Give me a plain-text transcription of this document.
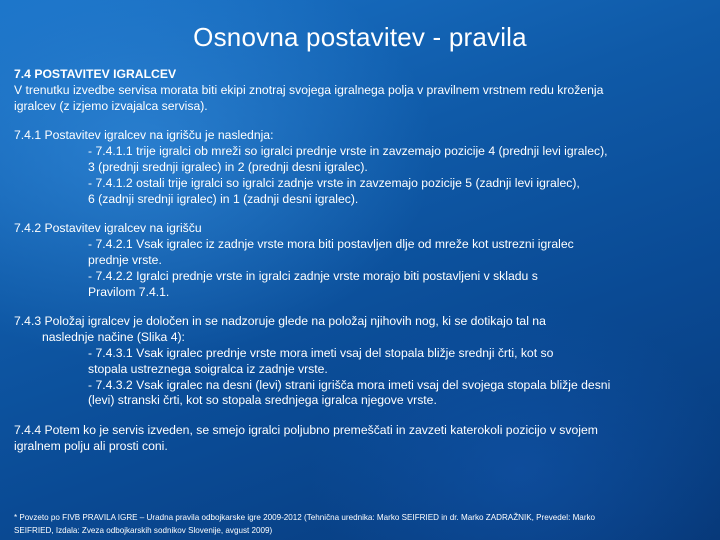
Osnovna postavitev - pravila
7.4 POSTAVITEV IGRALCEV
V trenutku izvedbe servisa morata biti ekipi znotraj svojega igralnega polja v pravilnem vrstnem redu kroženja
igralcev (z izjemo izvajalca servisa).
7.4.1 Postavitev igralcev na igrišču je naslednja:
- 7.4.1.1 trije igralci ob mreži so igralci prednje vrste in zavzemajo pozicije 4 (prednji levi igralec),
3 (prednji srednji igralec) in 2 (prednji desni igralec).
- 7.4.1.2 ostali trije igralci so igralci zadnje vrste in zavzemajo pozicije 5 (zadnji levi igralec),
6 (zadnji srednji igralec) in 1 (zadnji desni igralec).
7.4.2 Postavitev igralcev na igrišču
- 7.4.2.1 Vsak igralec iz zadnje vrste mora biti postavljen dlje od mreže kot ustrezni igralec
prednje vrste.
- 7.4.2.2 Igralci prednje vrste in igralci zadnje vrste morajo biti postavljeni v skladu s
Pravilom 7.4.1.
7.4.3 Položaj igralcev je določen in se nadzoruje glede na položaj njihovih nog, ki se dotikajo tal na
naslednje načine (Slika 4):
- 7.4.3.1 Vsak igralec prednje vrste mora imeti vsaj del stopala bližje srednji črti, kot so
stopala ustreznega soigralca iz zadnje vrste.
- 7.4.3.2 Vsak igralec na desni (levi) strani igrišča mora imeti vsaj del svojega stopala bližje desni
(levi) stranski črti, kot so stopala srednjega igralca njegove vrste.
7.4.4 Potem ko je servis izveden, se smejo igralci poljubno premeščati in zavzeti katerokoli pozicijo v svojem
igralnem polju ali prosti coni.
* Povzeto po FIVB PRAVILA IGRE – Uradna pravila odbojkarske igre 2009-2012 (Tehnična urednika: Marko SEIFRIED in dr. Marko ZADRAŽNIK, Prevedel: Marko
SEIFRIED, Izdala: Zveza odbojkarskih sodnikov Slovenije, avgust 2009)
